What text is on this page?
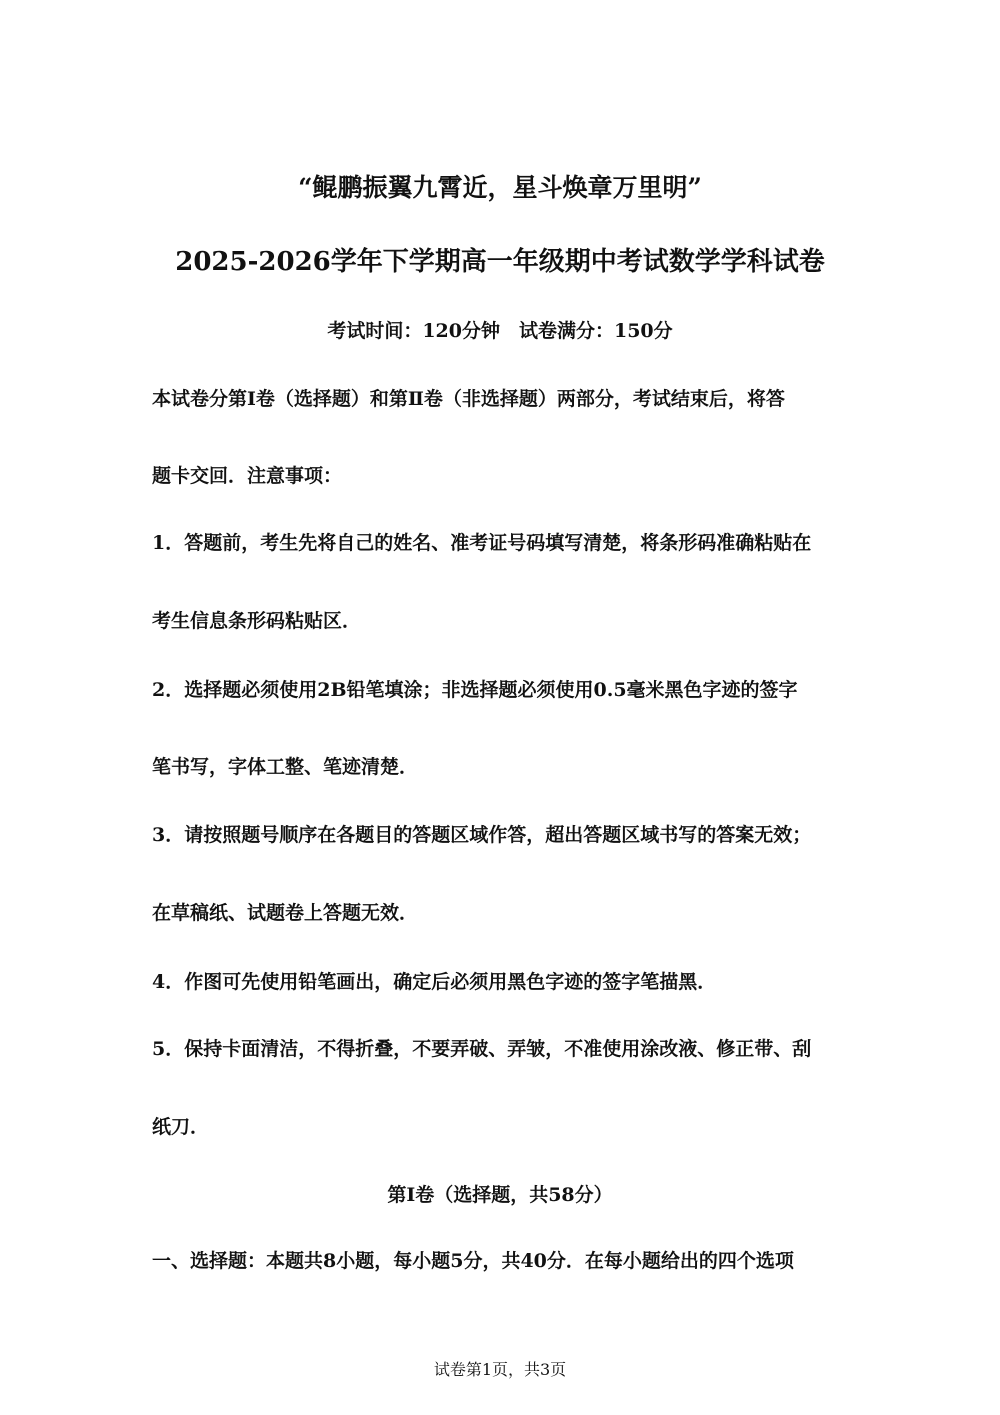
“鲲鹏振翼九霄近，星斗焕章万里明”
2025-2026学年下学期高一年级期中考试数学学科试卷
考试时间：120分钟　试卷满分：150分
本试卷分第Ⅰ卷（选择题）和第Ⅱ卷（非选择题）两部分，考试结束后，将答
题卡交回．注意事项：
1．答题前，考生先将自己的姓名、准考证号码填写清楚，将条形码准确粘贴在
考生信息条形码粘贴区．
2．选择题必须使用2B铅笔填涂；非选择题必须使用0.5毫米黑色字迹的签字
笔书写，字体工整、笔迹清楚．
3．请按照题号顺序在各题目的答题区域作答，超出答题区域书写的答案无效；
在草稿纸、试题卷上答题无效．
4．作图可先使用铅笔画出，确定后必须用黑色字迹的签字笔描黑．
5．保持卡面清洁，不得折叠，不要弄破、弄皱，不准使用涂改液、修正带、刮
纸刀．
第Ⅰ卷（选择题，共58分）
一、选择题：本题共8小题，每小题5分，共40分．在每小题给出的四个选项
试卷第1页，共3页
